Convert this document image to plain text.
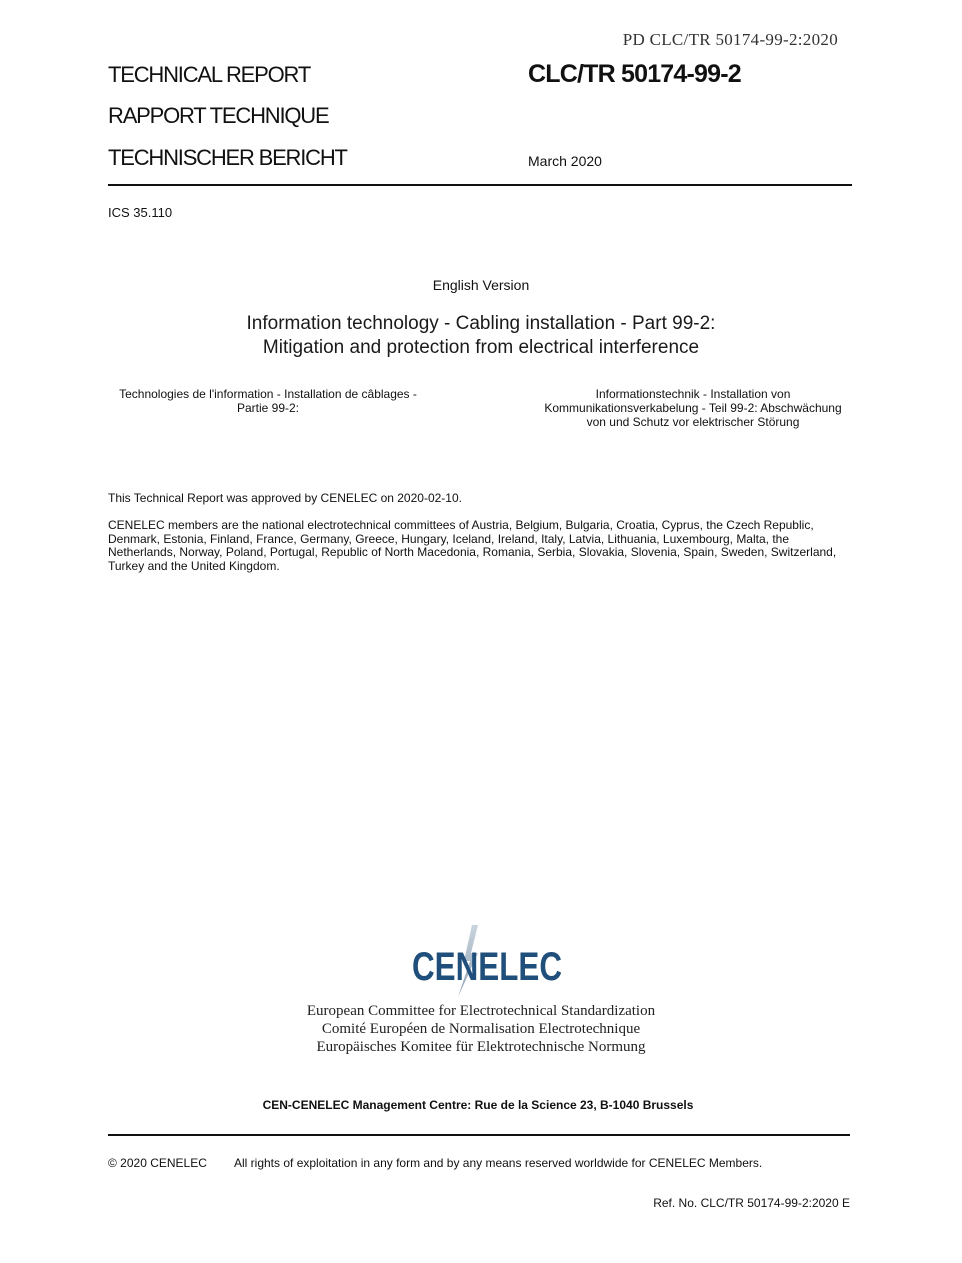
PD CLC/TR 50174-99-2:2020
TECHNICAL REPORT
RAPPORT TECHNIQUE
TECHNISCHER BERICHT
CLC/TR 50174-99-2
March 2020
ICS 35.110
English Version
Information technology - Cabling installation - Part 99-2:
Mitigation and protection from electrical interference
Technologies de l'information - Installation de câblages -
Partie 99-2:
Informationstechnik - Installation von
Kommunikationsverkabelung - Teil 99-2: Abschwächung
von und Schutz vor elektrischer Störung
This Technical Report was approved by CENELEC on 2020-02-10.
CENELEC members are the national electrotechnical committees of Austria, Belgium, Bulgaria, Croatia, Cyprus, the Czech Republic, Denmark, Estonia, Finland, France, Germany, Greece, Hungary, Iceland, Ireland, Italy, Latvia, Lithuania, Luxembourg, Malta, the Netherlands, Norway, Poland, Portugal, Republic of North Macedonia, Romania, Serbia, Slovakia, Slovenia, Spain, Sweden, Switzerland, Turkey and the United Kingdom.
CENELEC
European Committee for Electrotechnical Standardization
Comité Européen de Normalisation Electrotechnique
Europäisches Komitee für Elektrotechnische Normung
CEN-CENELEC Management Centre: Rue de la Science 23, B-1040 Brussels
© 2020 CENELEC All rights of exploitation in any form and by any means reserved worldwide for CENELEC Members.
Ref. No. CLC/TR 50174-99-2:2020 E
